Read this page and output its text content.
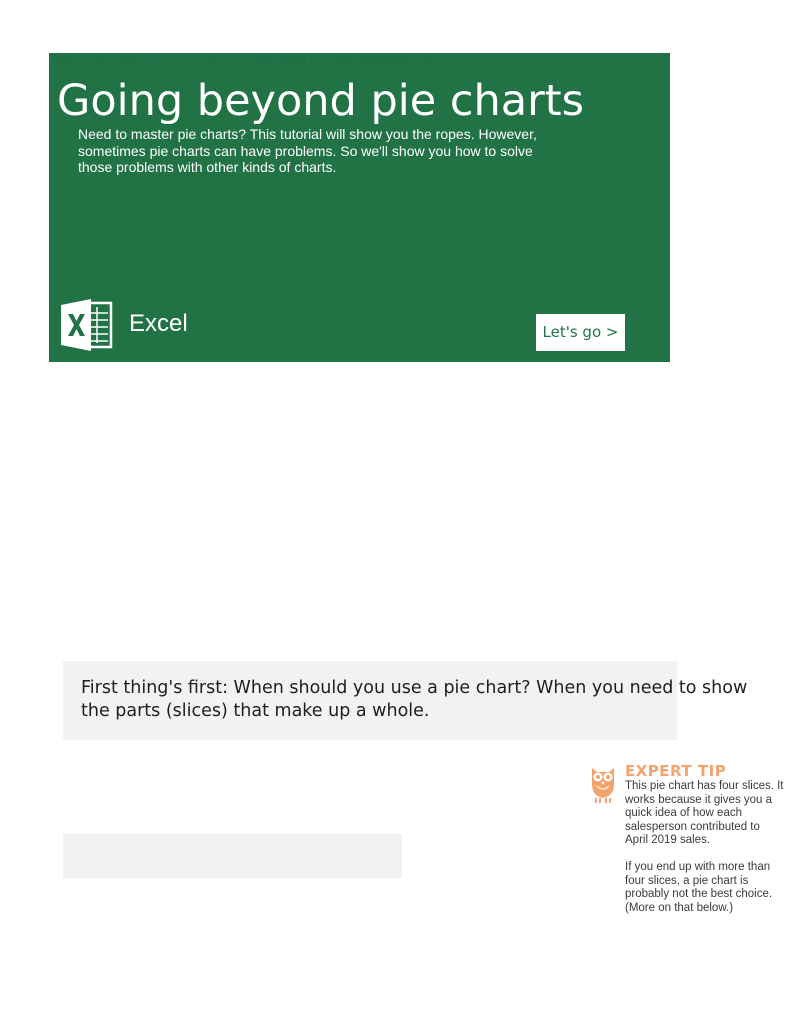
Need help? Press Ctrl+F6 ... Title of this worksheet is Going beyond pie charts
Going beyond pie charts
Need to master pie charts? This tutorial will show you the ropes. However, sometimes pie charts can have problems. So we'll show you how to solve those problems with other kinds of charts.
Excel	Let's go >
To get started, select the Let's go link in cell ... or press Ctrl+PageDown
First thing's first: When should you use a pie chart? When you need to show the parts (slices) that make up a whole.
EXPERT TIP

This pie chart has four slices. It works because it gives you a quick idea of how each salesperson contributed to April 2019 sales.

If you end up with more than four slices, a pie chart is probably not the best choice. (More on that below.)
